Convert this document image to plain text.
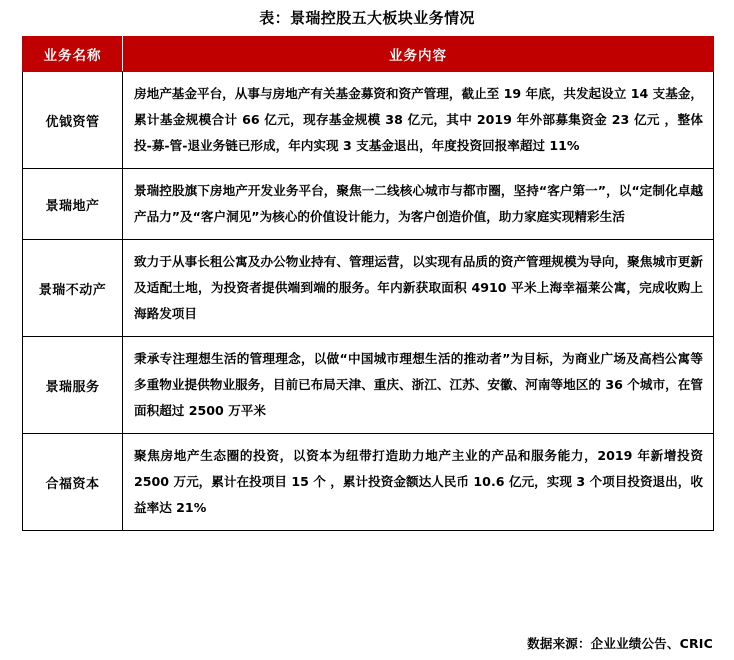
表：景瑞控股五大板块业务情况
业务名称	业务内容
优钺资管	房地产基金平台，从事与房地产有关基金募资和资产管理，截止至 19 年底，共发起设立 14 支基金，累计基金规模合计 66 亿元，现存基金规模 38 亿元，其中 2019 年外部募集资金 23 亿元 ，整体投-募-管-退业务链已形成，年内实现 3 支基金退出，年度投资回报率超过 11%

景瑞地产	景瑞控股旗下房地产开发业务平台，聚焦一二线核心城市与都市圈，坚持“客户第一”，以“定制化卓越产品力”及“客户洞见”为核心的价值设计能力，为客户创造价值，助力家庭实现精彩生活

景瑞不动产	致力于从事长租公寓及办公物业持有、管理运营，以实现有品质的资产管理规模为导向，聚焦城市更新及适配土地，为投资者提供端到端的服务。年内新获取面积 4910 平米上海幸福莱公寓，完成收购上海路发项目

景瑞服务	秉承专注理想生活的管理理念，以做“中国城市理想生活的推动者”为目标，为商业广场及高档公寓等多重物业提供物业服务，目前已布局天津、重庆、浙江、江苏、安徽、河南等地区的 36 个城市，在管面积超过 2500 万平米

合福资本	聚焦房地产生态圈的投资，以资本为纽带打造助力地产主业的产品和服务能力，2019 年新增投资 2500 万元，累计在投项目 15 个 ，累计投资金额达人民币 10.6 亿元，实现 3 个项目投资退出，收益率达 21%
数据来源：企业业绩公告、CRIC
